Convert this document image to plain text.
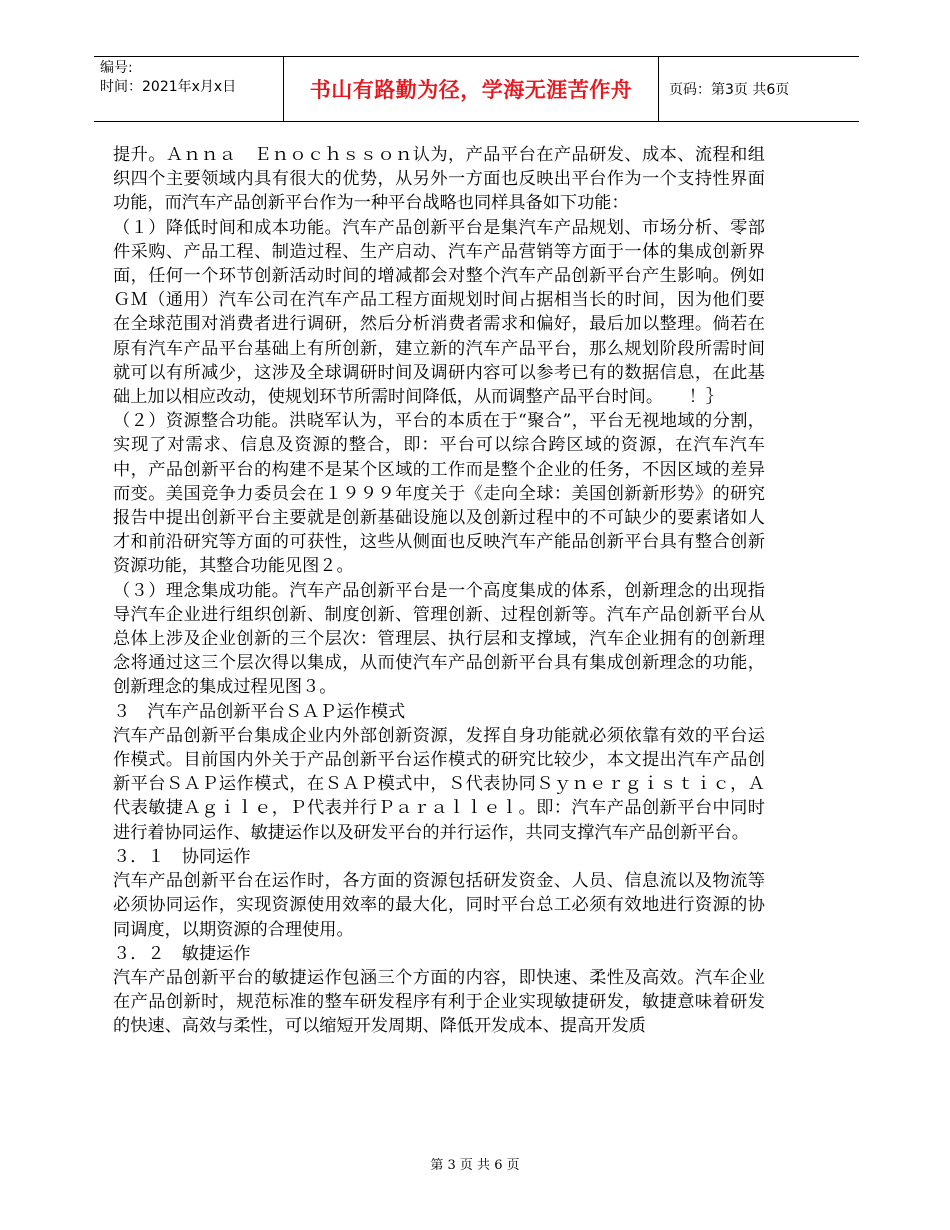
编号:
时间：2021年x月x日	书山有路勤为径，学海无涯苦作舟	页码：第3页 共6页

提升。Ａｎｎａ　Ｅｎｏｃｈｓｓｏｎ认为，产品平台在产品研发、成本、流程和组织四个主要领域内具有很大的优势，从另外一方面也反映出平台作为一个支持性界面功能，而汽车产品创新平台作为一种平台战略也同样具备如下功能：

（１）降低时间和成本功能。汽车产品创新平台是集汽车产品规划、市场分析、零部件采购、产品工程、制造过程、生产启动、汽车产品营销等方面于一体的集成创新界面，任何一个环节创新活动时间的增减都会对整个汽车产品创新平台产生影响。例如ＧＭ（通用）汽车公司在汽车产品工程方面规划时间占据相当长的时间，因为他们要在全球范围对消费者进行调研，然后分析消费者需求和偏好，最后加以整理。倘若在原有汽车产品平台基础上有所创新，建立新的汽车产品平台，那么规划阶段所需时间就可以有所减少，这涉及全球调研时间及调研内容可以参考已有的数据信息，在此基础上加以相应改动，使规划环节所需时间降低，从而调整产品平台时间。　　！｝

（２）资源整合功能。洪晓军认为，平台的本质在于“聚合”，平台无视地域的分割，实现了对需求、信息及资源的整合，即：平台可以综合跨区域的资源，在汽车汽车中，产品创新平台的构建不是某个区域的工作而是整个企业的任务，不因区域的差异而变。美国竞争力委员会在１９９９年度关于《走向全球：美国创新新形势》的研究报告中提出创新平台主要就是创新基础设施以及创新过程中的不可缺少的要素诸如人才和前沿研究等方面的可获性，这些从侧面也反映汽车产能品创新平台具有整合创新资源功能，其整合功能见图２。

（３）理念集成功能。汽车产品创新平台是一个高度集成的体系，创新理念的出现指导汽车企业进行组织创新、制度创新、管理创新、过程创新等。汽车产品创新平台从总体上涉及企业创新的三个层次：管理层、执行层和支撑域，汽车企业拥有的创新理念将通过这三个层次得以集成，从而使汽车产品创新平台具有集成创新理念的功能，创新理念的集成过程见图３。

３　汽车产品创新平台ＳＡＰ运作模式

汽车产品创新平台集成企业内外部创新资源，发挥自身功能就必须依靠有效的平台运作模式。目前国内外关于产品创新平台运作模式的研究比较少，本文提出汽车产品创新平台ＳＡＰ运作模式，在ＳＡＰ模式中，Ｓ代表协同Ｓｙｎｅｒｇｉｓｔｉｃ，Ａ代表敏捷Ａｇｉｌｅ，Ｐ代表并行Ｐａｒａｌｌｅｌ。即：汽车产品创新平台中同时进行着协同运作、敏捷运作以及研发平台的并行运作，共同支撑汽车产品创新平台。

３．１　协同运作

汽车产品创新平台在运作时，各方面的资源包括研发资金、人员、信息流以及物流等必须协同运作，实现资源使用效率的最大化，同时平台总工必须有效地进行资源的协同调度，以期资源的合理使用。

３．２　敏捷运作

汽车产品创新平台的敏捷运作包涵三个方面的内容，即快速、柔性及高效。汽车企业在产品创新时，规范标准的整车研发程序有利于企业实现敏捷研发，敏捷意味着研发的快速、高效与柔性，可以缩短开发周期、降低开发成本、提高开发质

第 3 页 共 6 页
